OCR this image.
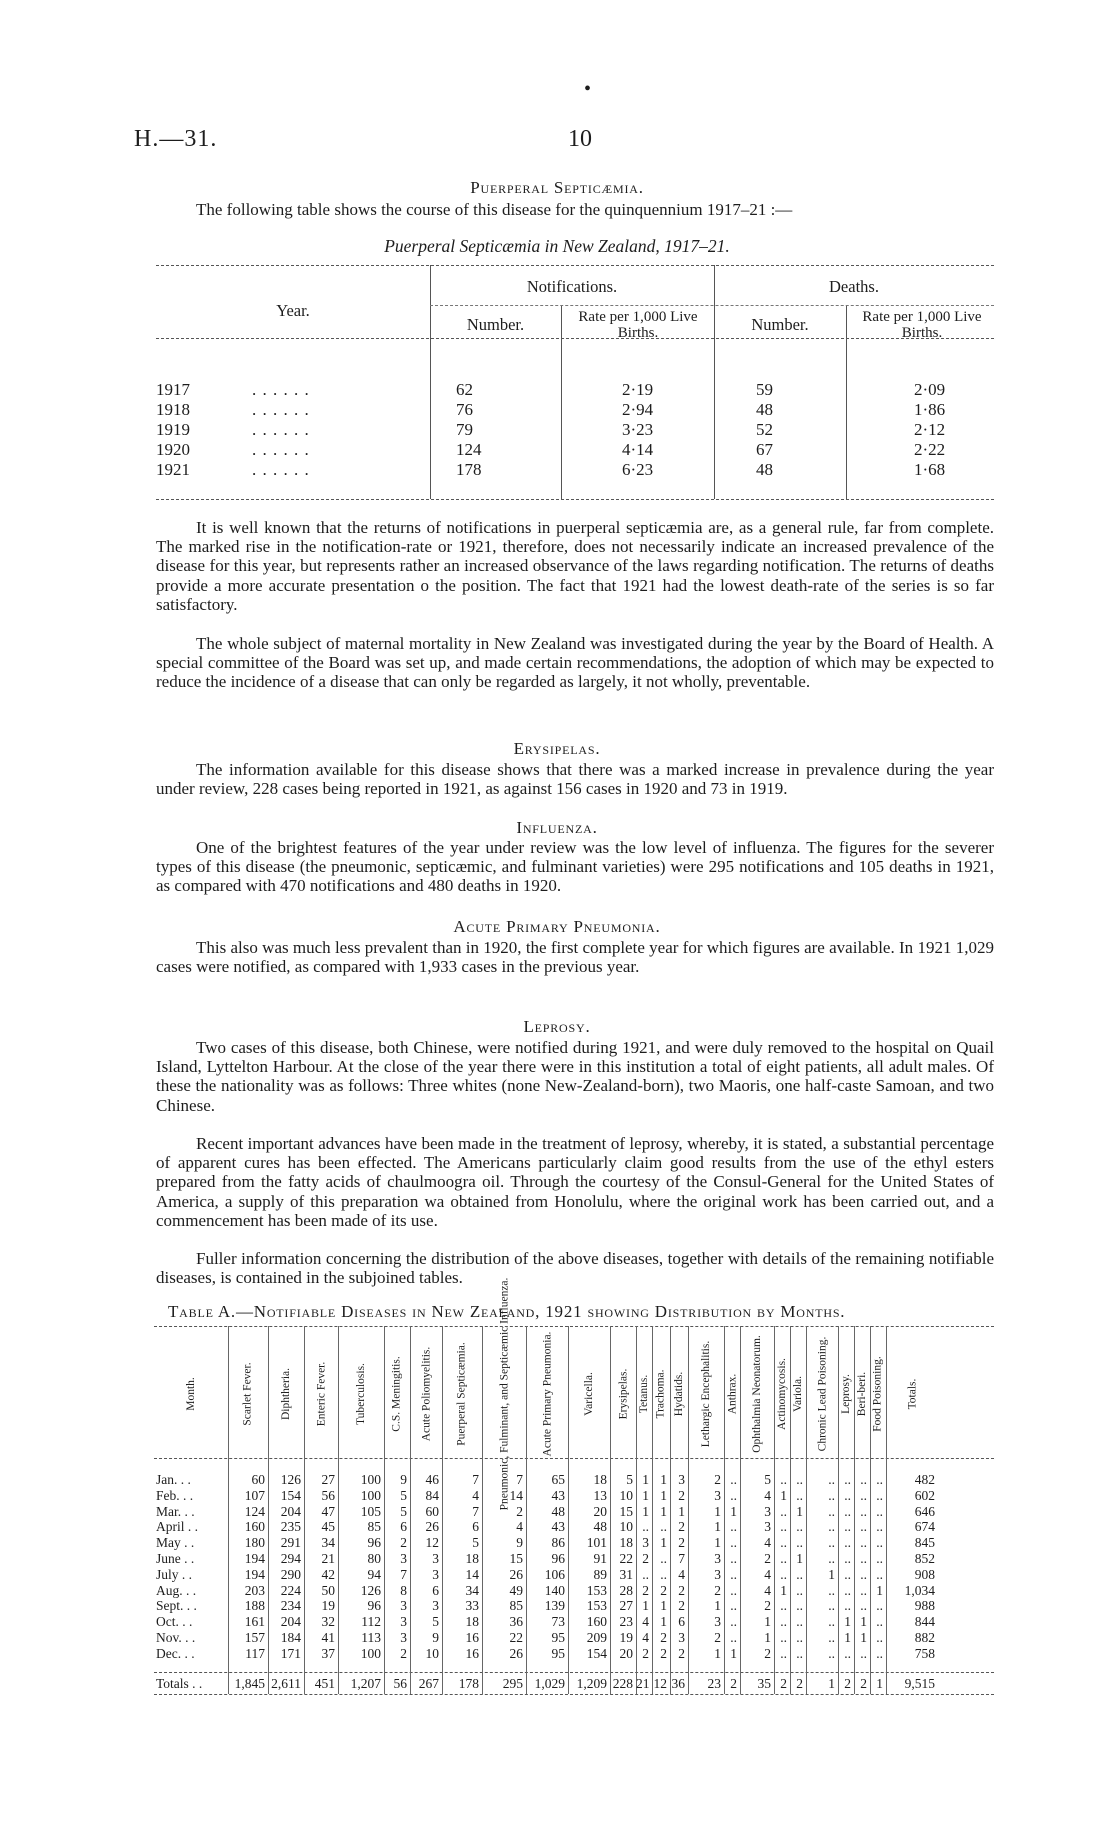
•
H.—31.	10
Puerperal Septicæmia.
The following table shows the course of this disease for the quinquennium 1917–21 :—
Puerperal Septicæmia in New Zealand, 1917–21.
Year.
Notifications.	Deaths.
Number.	Rate per 1,000 Live Births.	Number.	Rate per 1,000 Live Births.
1917	. . . . . .	62	2·19	59	2·09
1918	. . . . . .	76	2·94	48	1·86
1919	. . . . . .	79	3·23	52	2·12
1920	. . . . . .	124	4·14	67	2·22
1921	. . . . . .	178	6·23	48	1·68

It is well known that the returns of notifications in puerperal septicæmia are, as a general rule, far from complete. The marked rise in the notification-rate or 1921, therefore, does not necessarily indicate an increased prevalence of the disease for this year, but represents rather an increased observance of the laws regarding notification. The returns of deaths provide a more accurate presentation o the position. The fact that 1921 had the lowest death-rate of the series is so far satisfactory.

The whole subject of maternal mortality in New Zealand was investigated during the year by the Board of Health. A special committee of the Board was set up, and made certain recommendations, the adoption of which may be expected to reduce the incidence of a disease that can only be regarded as largely, it not wholly, preventable.

Erysipelas.

The information available for this disease shows that there was a marked increase in prevalence during the year under review, 228 cases being reported in 1921, as against 156 cases in 1920 and 73 in 1919.

Influenza.

One of the brightest features of the year under review was the low level of influenza. The figures for the severer types of this disease (the pneumonic, septicæmic, and fulminant varieties) were 295 notifications and 105 deaths in 1921, as compared with 470 notifications and 480 deaths in 1920.

Acute Primary Pneumonia.

This also was much less prevalent than in 1920, the first complete year for which figures are available. In 1921 1,029 cases were notified, as compared with 1,933 cases in the previous year.

Leprosy.

Two cases of this disease, both Chinese, were notified during 1921, and were duly removed to the hospital on Quail Island, Lyttelton Harbour. At the close of the year there were in this institution a total of eight patients, all adult males. Of these the nationality was as follows: Three whites (none New-Zealand-born), two Maoris, one half-caste Samoan, and two Chinese.

Recent important advances have been made in the treatment of leprosy, whereby, it is stated, a substantial percentage of apparent cures has been effected. The Americans particularly claim good results from the use of the ethyl esters prepared from the fatty acids of chaulmoogra oil. Through the courtesy of the Consul-General for the United States of America, a supply of this preparation wa obtained from Honolulu, where the original work has been carried out, and a commencement has been made of its use.

Fuller information concerning the distribution of the above diseases, together with details of the remaining notifiable diseases, is contained in the subjoined tables.

Table A.—Notifiable Diseases in New Zealand, 1921 showing Distribution by Months.
Month.	Scarlet Fever. Diphtheria. Enteric Fever. Tuberculosis. C.S. Meningitis. Acute Poliomyelitis. Puerperal Septicæmia.	Pneumonic, Fulminant, and Septicæmic Influenza.	Acute Primary Pneumonia.	Varicella. Erysipelas. Tetanus. Trachoma. Hydatids. Lethargic Encephalitis. Anthrax. Ophthalmia Neonatorum. Actinomycosis. Variola. Chronic Lead Poisoning. Leprosy. Beri-beri. Food Poisoning. Totals.
Jan. . .	60	126	27	100	9	46	7	7	65	18	5 1 1 3	2 ..	5 .. ..	.. .. .. ..	482
Feb. . .	107	154	56	100	5	84	4	14	43	13 10 1 1 2	3 ..	4 1 ..	.. .. .. ..	602
Mar. . .	124	204	47	105	5	60	7	2	48	20 15 1 1 1	1 1	3 .. 1	.. .. .. ..	646
April . .	160	235	45	85	6	26	6	4	43	48 10 .. .. 2	1 ..	3 .. ..	.. .. .. ..	674
May . .	180	291	34	96	2	12	5	9	86	101 18 3 1 2	1 ..	4 .. ..	.. .. .. ..	845
June . .	194	294	21	80	3	3	18	15	96	91 22 2 .. 7	3 ..	2 .. 1	.. .. .. ..	852
July . .	194	290	42	94	7	3	14	26	106	89 31 .. .. 4	3 ..	4 .. ..	1 .. .. ..	908
Aug. . .	203	224	50	126	8	6	34	49	140	153 28 2 2 2	2 ..	4 1 ..	.. .. .. 1	1,034
Sept. . .	188	234	19	96	3	3	33	85	139	153 27 1 1 2	1 ..	2 .. ..	.. .. .. ..	988
Oct. . .	161	204	32	112	3	5	18	36	73	160 23 4 1 6	3 ..	1 .. ..	.. 1 1 ..	844
Nov. . .	157	184	41	113	3	9	16	22	95	209 19 4 2 3	2 ..	1 .. ..	.. 1 1 ..	882
Dec. . .	117	171	37	100	2	10	16	26	95	154 20 2 2 2	1 1	2 .. ..	.. .. .. ..	758
Totals . .	1,845 2,611	451	1,207 56 267	178	295 1,029 1,209 228 21 12 36	23 2	35 2 2	1 2 2 1	9,515
